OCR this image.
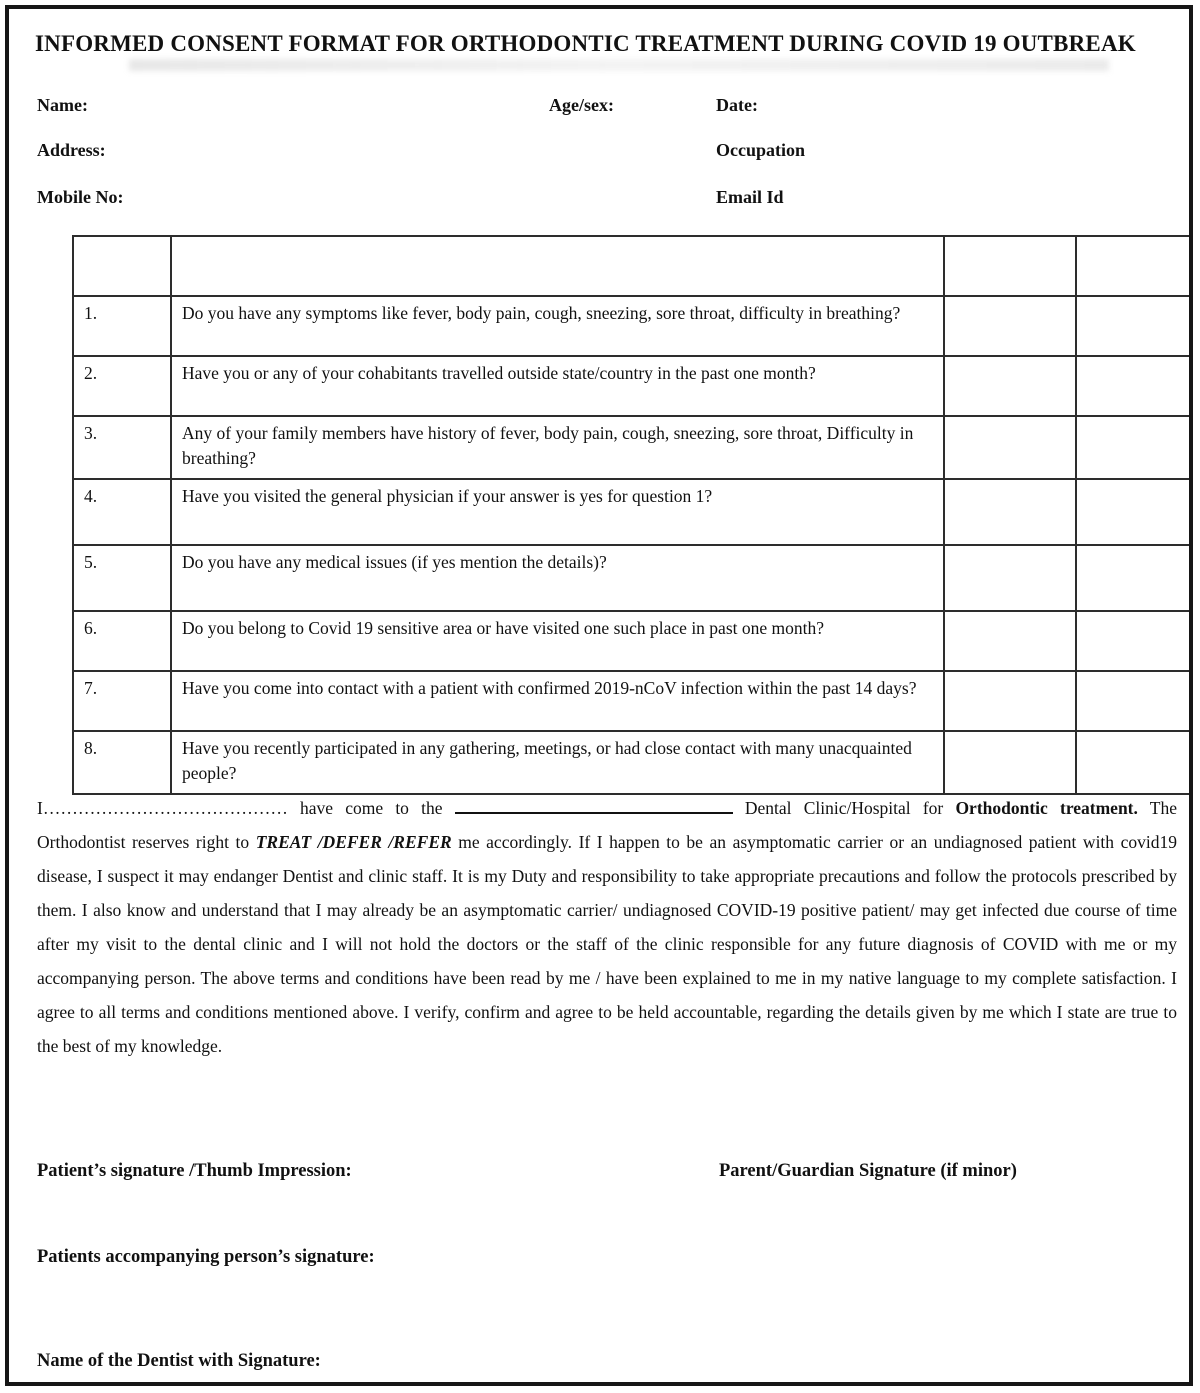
INFORMED CONSENT FORMAT FOR ORTHODONTIC TREATMENT DURING COVID 19 OUTBREAK
Name:	Age/sex:	Date:
Address:	Occupation
Mobile No:	Email Id

1.	Do you have any symptoms like fever, body pain, cough, sneezing, sore throat, difficulty in breathing?		
2.	Have you or any of your cohabitants travelled outside state/country in the past one month?		
3.	Any of your family members have history of fever, body pain, cough, sneezing, sore throat, Difficulty in breathing?		
4.	Have you visited the general physician if your answer is yes for question 1?		
5.	Do you have any medical issues (if yes mention the details)?		
6.	Do you belong to Covid 19 sensitive area or have visited one such place in past one month?		
7.	Have you come into contact with a patient with confirmed 2019-nCoV infection within the past 14 days?		
8.	Have you recently participated in any gathering, meetings, or had close contact with many unacquainted people?		
I…………………………………… have come to the	Dental Clinic/Hospital for Orthodontic treatment. The Orthodontist reserves right to TREAT /DEFER /REFER me accordingly. If I happen to be an asymptomatic carrier or an undiagnosed patient with covid19 disease, I suspect it may endanger Dentist and clinic staff. It is my Duty and responsibility to take appropriate precautions and follow the protocols prescribed by them. I also know and understand that I may already be an asymptomatic carrier/ undiagnosed COVID-19 positive patient/ may get infected due course of time after my visit to the dental clinic and I will not hold the doctors or the staff of the clinic responsible for any future diagnosis of COVID with me or my accompanying person. The above terms and conditions have been read by me / have been explained to me in my native language to my complete satisfaction. I agree to all terms and conditions mentioned above. I verify, confirm and agree to be held accountable, regarding the details given by me which I state are true to the best of my knowledge.
Patient’s signature /Thumb Impression:	Parent/Guardian Signature (if minor)
Patients accompanying person’s signature:
Name of the Dentist with Signature:
